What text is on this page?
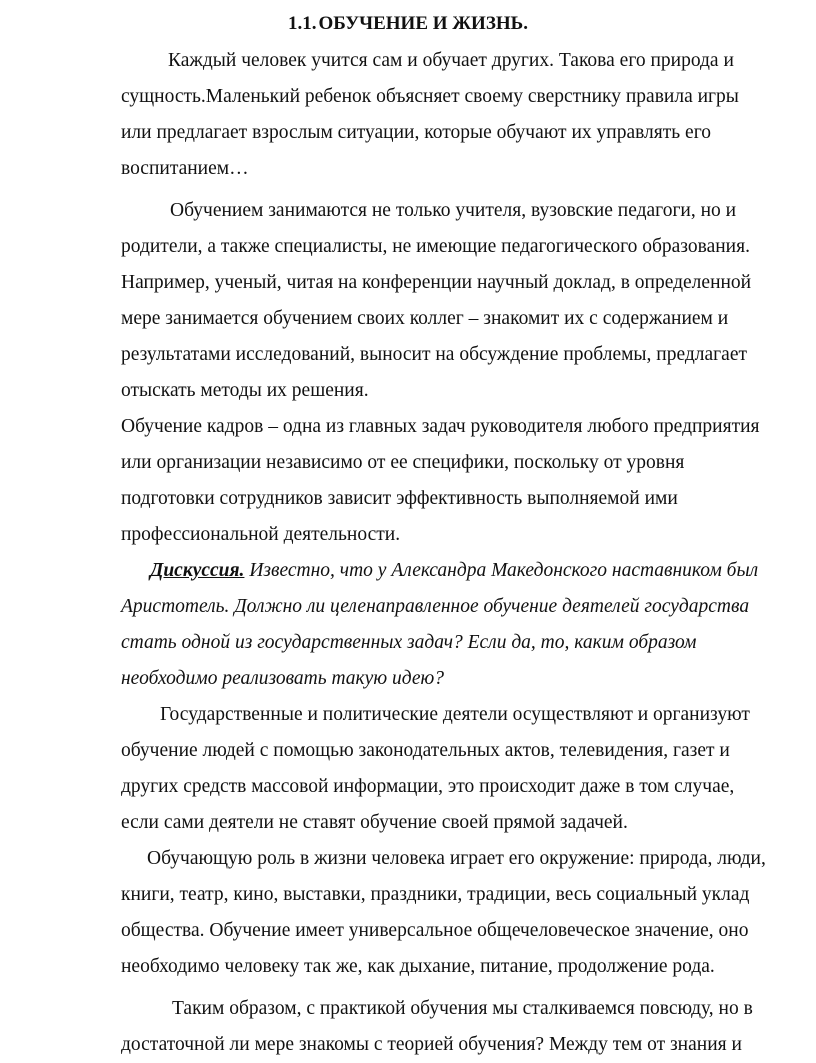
1.1. ОБУЧЕНИЕ И ЖИЗНЬ.
Каждый человек учится сам и обучает других. Такова его природа и
сущность.Маленький ребенок объясняет своему сверстнику правила игры
или предлагает взрослым ситуации, которые обучают их управлять его
воспитанием…
Обучением занимаются не только учителя, вузовские педагоги, но и
родители, а также специалисты, не имеющие педагогического образования.
Например, ученый, читая на конференции научный доклад, в определенной
мере занимается обучением своих коллег – знакомит их с содержанием и
результатами исследований, выносит на обсуждение проблемы, предлагает
отыскать методы их решения.
Обучение кадров – одна из главных задач руководителя любого предприятия
или организации независимо от ее специфики, поскольку от уровня
подготовки сотрудников зависит эффективность выполняемой ими
профессиональной деятельности.
Дискуссия. Известно, что у Александра Македонского наставником был
Аристотель. Должно ли целенаправленное обучение деятелей государства
стать одной из государственных задач? Если да, то, каким образом
необходимо реализовать такую идею?
Государственные и политические деятели осуществляют и организуют
обучение людей с помощью законодательных актов, телевидения, газет и
других средств массовой информации, это происходит даже в том случае,
если сами деятели не ставят обучение своей прямой задачей.
Обучающую роль в жизни человека играет его окружение: природа, люди,
книги, театр, кино, выставки, праздники, традиции, весь социальный уклад
общества. Обучение имеет универсальное общечеловеческое значение, оно
необходимо человеку так же, как дыхание, питание, продолжение рода.
Таким образом, с практикой обучения мы сталкиваемся повсюду, но в
достаточной ли мере знакомы с теорией обучения? Между тем от знания и
